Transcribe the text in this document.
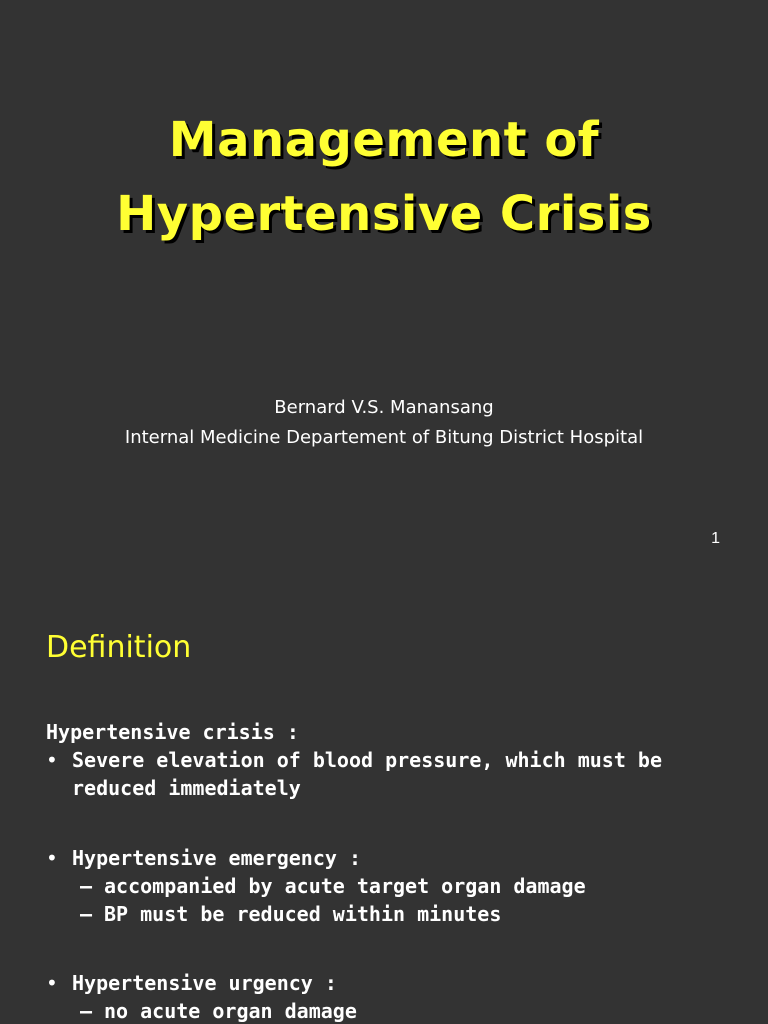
Management of
Hypertensive Crisis
Bernard V.S. Manansang
Internal Medicine Departement of Bitung District Hospital
1
Definition
Hypertensive crisis :
• Severe elevation of blood pressure, which must be
reduced immediately
• Hypertensive emergency :
– accompanied by acute target organ damage
– BP must be reduced within minutes
• Hypertensive urgency :
– no acute organ damage
